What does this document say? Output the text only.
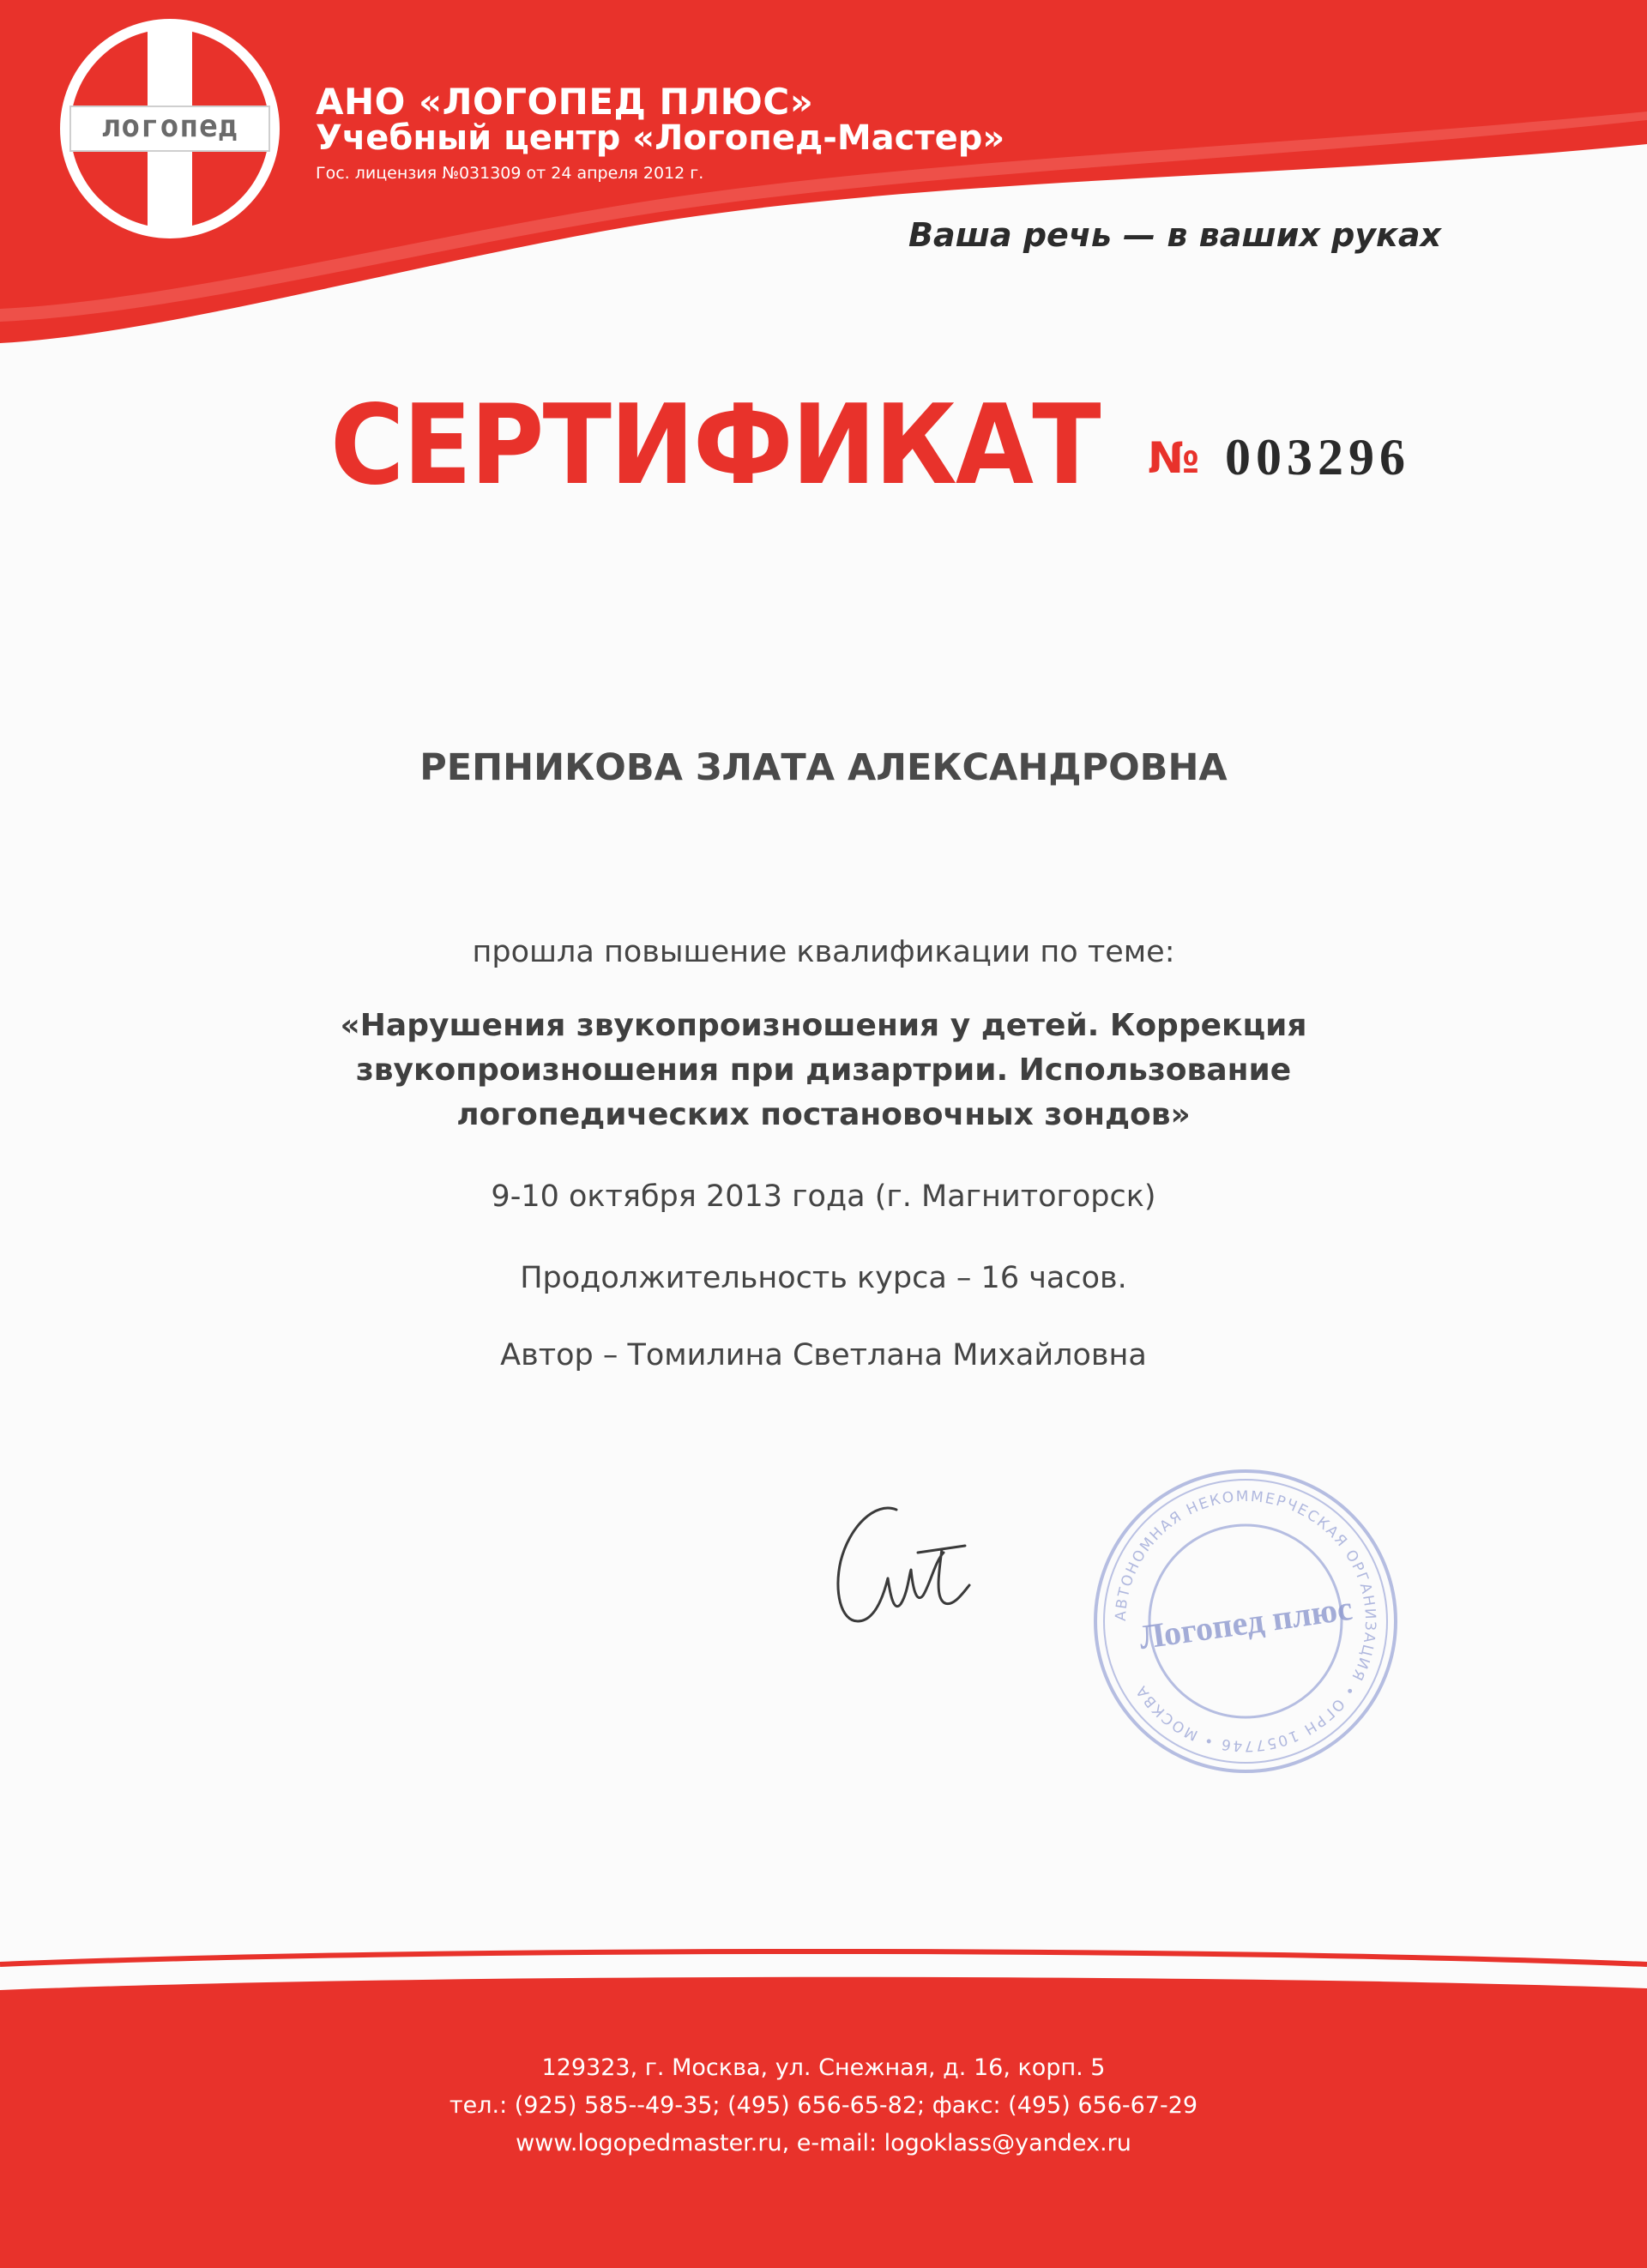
логопед
АНО «ЛОГОПЕД ПЛЮС»
Учебный центр «Логопед-Мастер»
Гос. лицензия №031309 от 24 апреля 2012 г.
Ваша речь — в ваших руках
СЕРТИФИКАТ № 003296
РЕПНИКОВА ЗЛАТА АЛЕКСАНДРОВНА
прошла повышение квалификации по теме:
«Нарушения звукопроизношения у детей. Коррекция
звукопроизношения при дизартрии. Использование
логопедических постановочных зондов»
9-10 октября 2013 года (г. Магнитогорск)
Продолжительность курса – 16 часов.
Автор – Томилина Светлана Михайловна
АВТОНОМНАЯ НЕКОММЕРЧЕСКАЯ ОРГАНИЗАЦИЯ • ОГРН 1057746 • МОСКВА
Логопед плюс
129323, г. Москва, ул. Снежная, д. 16, корп. 5
тел.: (925) 585--49-35; (495) 656-65-82; факс: (495) 656-67-29
www.logopedmaster.ru, e-mail: logoklass@yandex.ru
